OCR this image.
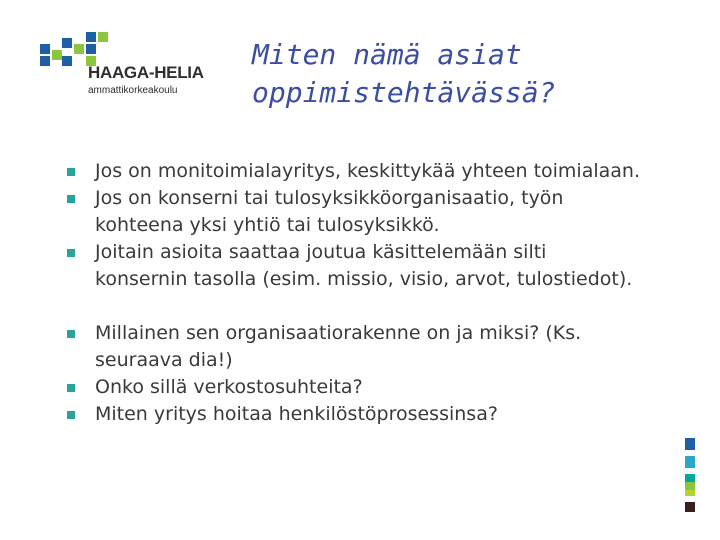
HAAGA-HELIA
ammattikorkeakoulu
Miten nämä asiat
oppimistehtävässä?
Jos on monitoimialayritys, keskittykää yhteen toimialaan.
Jos on konserni tai tulosyksikköorganisaatio, työn
kohteena yksi yhtiö tai tulosyksikkö.
Joitain asioita saattaa joutua käsittelemään silti
konsernin tasolla (esim. missio, visio, arvot, tulostiedot).
Millainen sen organisaatiorakenne on ja miksi? (Ks.
seuraava dia!)
Onko sillä verkostosuhteita?
Miten yritys hoitaa henkilöstöprosessinsa?
